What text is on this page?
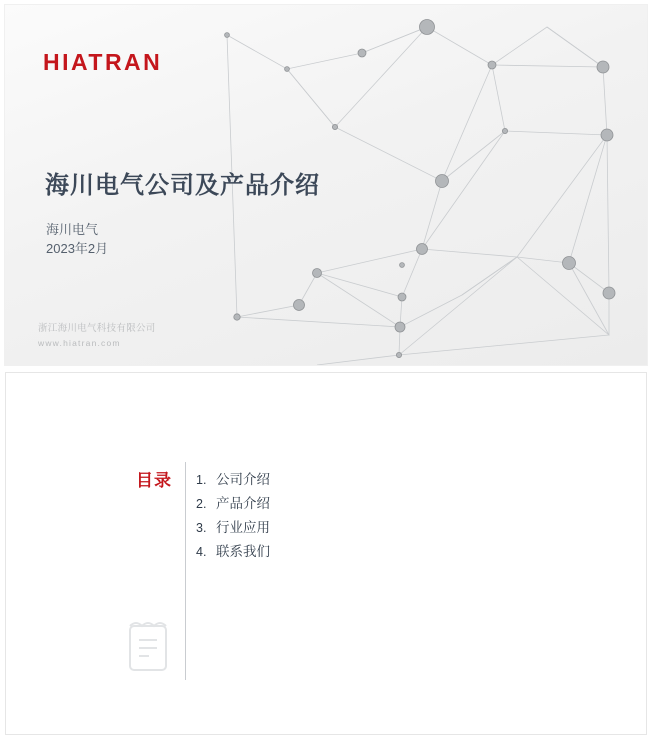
HIATRAN
海川电气公司及产品介绍
海川电气
2023年2月
浙江海川电气科技有限公司
www.hiatran.com
目录 1. 公司介绍
2. 产品介绍
3. 行业应用
4. 联系我们
